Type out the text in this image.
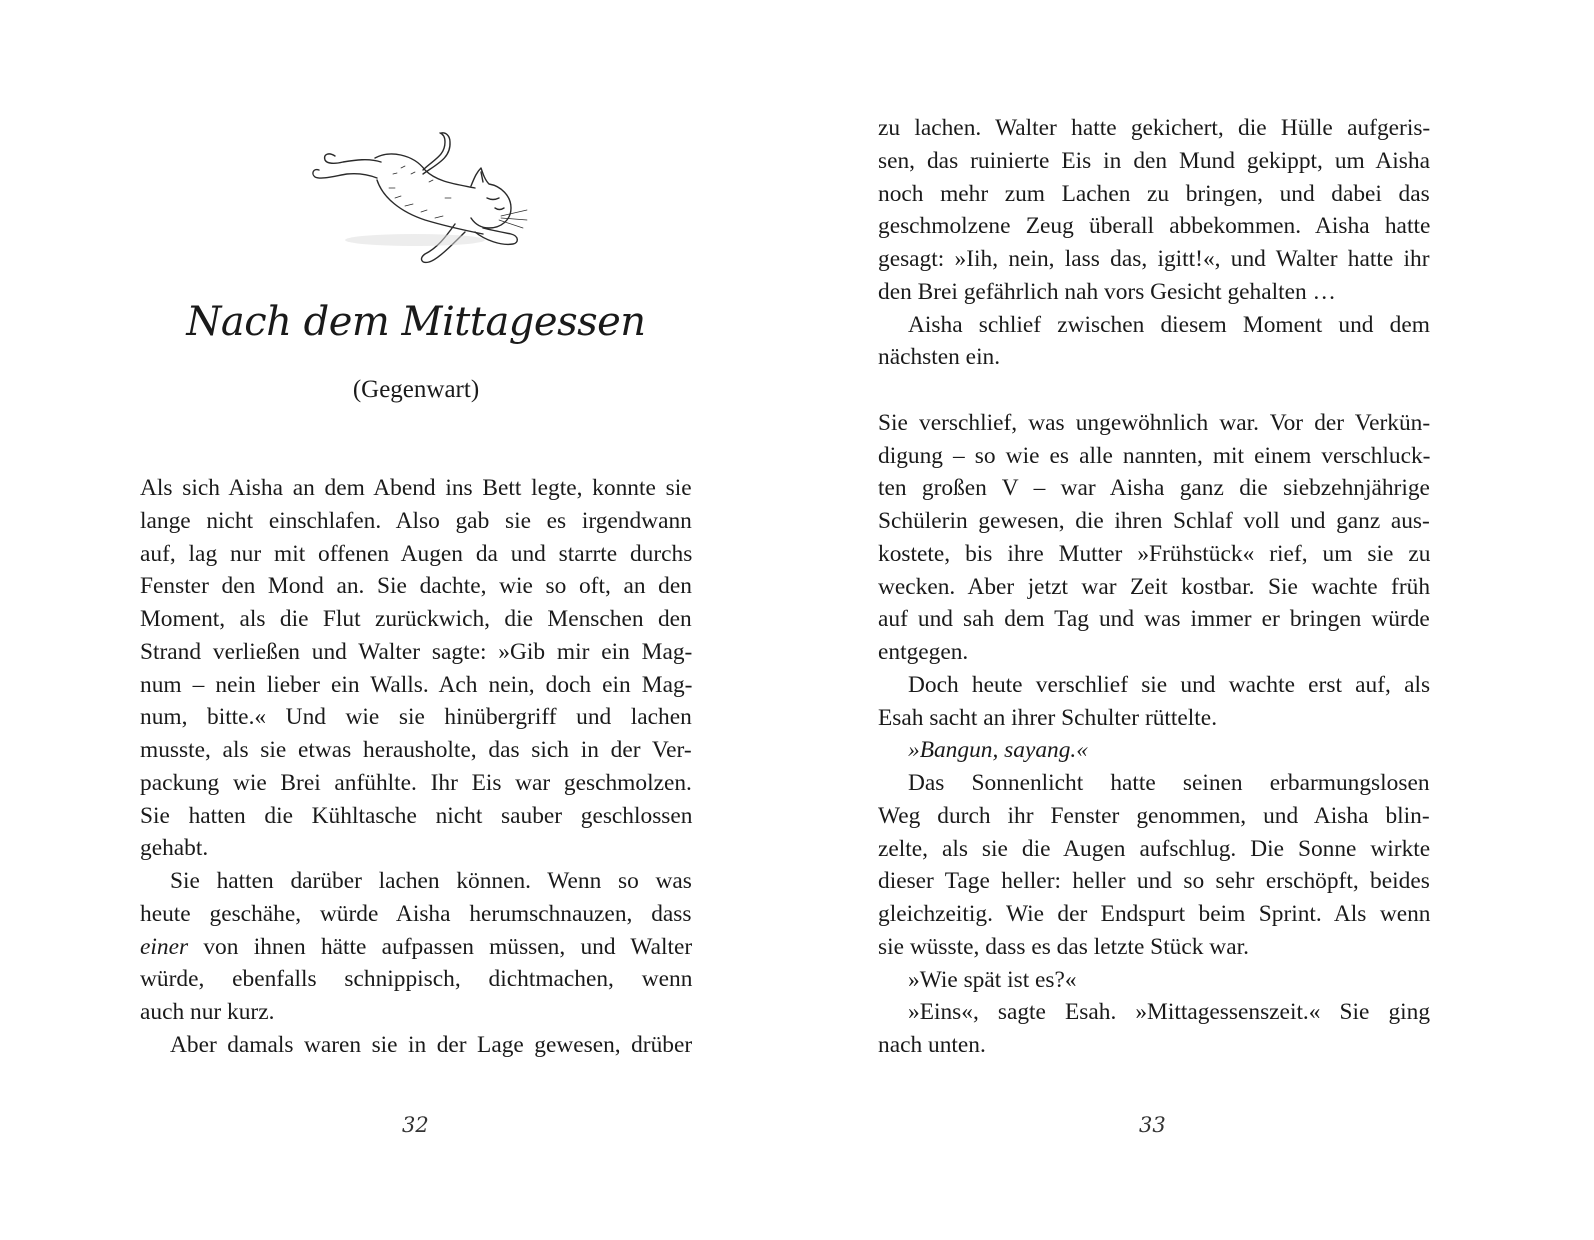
Nach dem Mittagessen
(Gegenwart)
Als sich Aisha an dem Abend ins Bett legte, konnte sie
lange nicht einschlafen. Also gab sie es irgendwann
auf, lag nur mit offenen Augen da und starrte durchs
Fenster den Mond an. Sie dachte, wie so oft, an den
Moment, als die Flut zurückwich, die Menschen den
Strand verließen und Walter sagte: »Gib mir ein Mag-
num – nein lieber ein Walls. Ach nein, doch ein Mag-
num, bitte.« Und wie sie hinübergriff und lachen
musste, als sie etwas herausholte, das sich in der Ver-
packung wie Brei anfühlte. Ihr Eis war geschmolzen.
Sie hatten die Kühltasche nicht sauber geschlossen
gehabt.
Sie hatten darüber lachen können. Wenn so was
heute geschähe, würde Aisha herumschnauzen, dass
einer von ihnen hätte aufpassen müssen, und Walter
würde, ebenfalls schnippisch, dichtmachen, wenn
auch nur kurz.
Aber damals waren sie in der Lage gewesen, drüber
32
zu lachen. Walter hatte gekichert, die Hülle aufgeris-
sen, das ruinierte Eis in den Mund gekippt, um Aisha
noch mehr zum Lachen zu bringen, und dabei das
geschmolzene Zeug überall abbekommen. Aisha hatte
gesagt: »Iih, nein, lass das, igitt!«, und Walter hatte ihr
den Brei gefährlich nah vors Gesicht gehalten …
Aisha schlief zwischen diesem Moment und dem
nächsten ein.
Sie verschlief, was ungewöhnlich war. Vor der Verkün-
digung – so wie es alle nannten, mit einem verschluck-
ten großen V – war Aisha ganz die siebzehnjährige
Schülerin gewesen, die ihren Schlaf voll und ganz aus-
kostete, bis ihre Mutter »Frühstück« rief, um sie zu
wecken. Aber jetzt war Zeit kostbar. Sie wachte früh
auf und sah dem Tag und was immer er bringen würde
entgegen.
Doch heute verschlief sie und wachte erst auf, als
Esah sacht an ihrer Schulter rüttelte.
»Bangun, sayang.«
Das Sonnenlicht hatte seinen erbarmungslosen
Weg durch ihr Fenster genommen, und Aisha blin-
zelte, als sie die Augen aufschlug. Die Sonne wirkte
dieser Tage heller: heller und so sehr erschöpft, beides
gleichzeitig. Wie der Endspurt beim Sprint. Als wenn
sie wüsste, dass es das letzte Stück war.
»Wie spät ist es?«
»Eins«, sagte Esah. »Mittagessenszeit.« Sie ging
nach unten.
33
